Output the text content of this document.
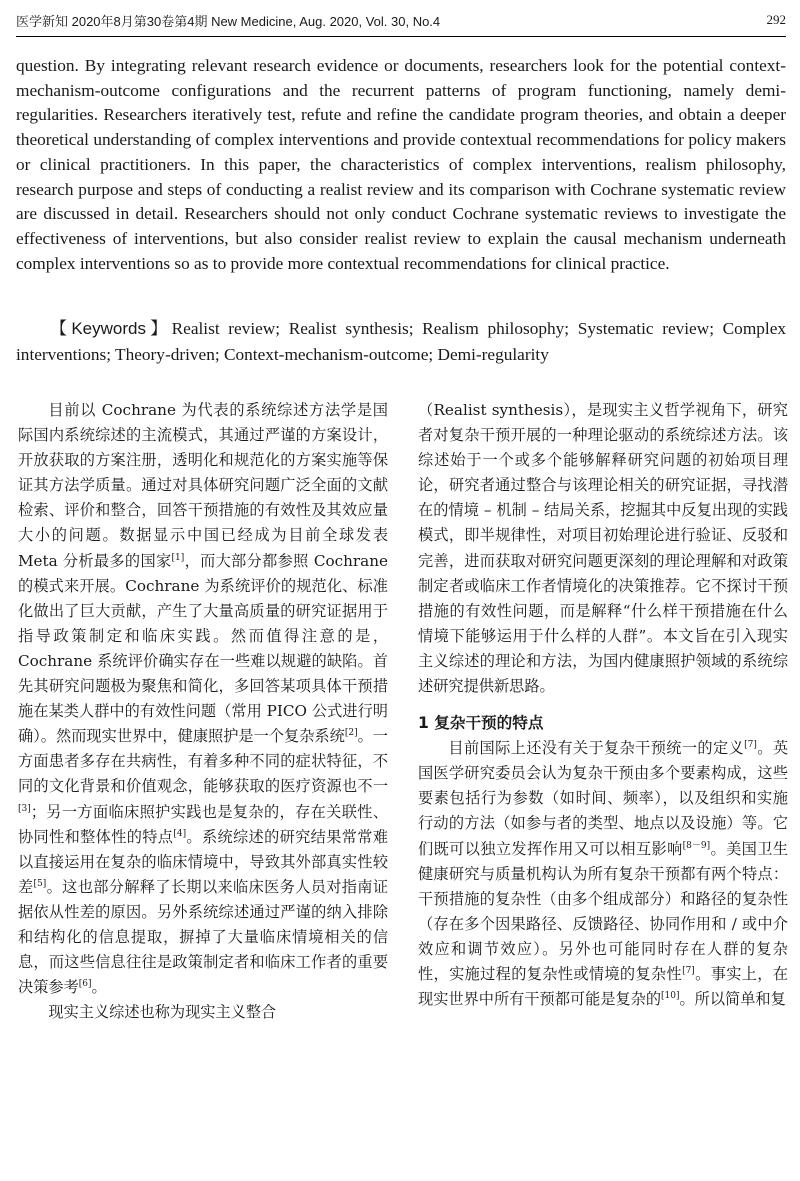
医学新知 2020年8月第30卷第4期 New Medicine, Aug. 2020, Vol. 30, No.4	292

question. By integrating relevant research evidence or documents, researchers look for the potential context-mechanism-outcome configurations and the recurrent patterns of program functioning, namely demi-regularities. Researchers iteratively test, refute and refine the candidate program theories, and obtain a deeper theoretical understanding of complex interventions and provide contextual recommendations for policy makers or clinical practitioners. In this paper, the characteristics of complex interventions, realism philosophy, research purpose and steps of conducting a realist review and its comparison with Cochrane systematic review are discussed in detail. Researchers should not only conduct Cochrane systematic reviews to investigate the effectiveness of interventions, but also consider realist review to explain the causal mechanism underneath complex interventions so as to provide more contextual recommendations for clinical practice.

【Keywords】Realist review; Realist synthesis; Realism philosophy; Systematic review; Complex interventions; Theory-driven; Context-mechanism-outcome; Demi-regularity

目前以 Cochrane 为代表的系统综述方法学是国际国内系统综述的主流模式，其通过严谨的方案设计，开放获取的方案注册，透明化和规范化的方案实施等保证其方法学质量。通过对具体研究问题广泛全面的文献检索、评价和整合，回答干预措施的有效性及其效应量大小的问题。数据显示中国已经成为目前全球发表 Meta 分析最多的国家[1]，而大部分都参照 Cochrane 的模式来开展。Cochrane 为系统评价的规范化、标准化做出了巨大贡献，产生了大量高质量的研究证据用于指导政策制定和临床实践。然而值得注意的是，Cochrane 系统评价确实存在一些难以规避的缺陷。首先其研究问题极为聚焦和简化，多回答某项具体干预措施在某类人群中的有效性问题（常用 PICO 公式进行明确）。然而现实世界中，健康照护是一个复杂系统[2]。一方面患者多存在共病性，有着多种不同的症状特征，不同的文化背景和价值观念，能够获取的医疗资源也不一[3]；另一方面临床照护实践也是复杂的，存在关联性、协同性和整体性的特点[4]。系统综述的研究结果常常难以直接运用在复杂的临床情境中，导致其外部真实性较差[5]。这也部分解释了长期以来临床医务人员对指南证据依从性差的原因。另外系统综述通过严谨的纳入排除和结构化的信息提取，摒掉了大量临床情境相关的信息，而这些信息往往是政策制定者和临床工作者的重要决策参考[6]。

现实主义综述也称为现实主义整合

（Realist synthesis），是现实主义哲学视角下，研究者对复杂干预开展的一种理论驱动的系统综述方法。该综述始于一个或多个能够解释研究问题的初始项目理论，研究者通过整合与该理论相关的研究证据，寻找潜在的情境 – 机制 – 结局关系，挖掘其中反复出现的实践模式，即半规律性，对项目初始理论进行验证、反驳和完善，进而获取对研究问题更深刻的理论理解和对政策制定者或临床工作者情境化的决策推荐。它不探讨干预措施的有效性问题，而是解释“什么样干预措施在什么情境下能够运用于什么样的人群”。本文旨在引入现实主义综述的理论和方法，为国内健康照护领域的系统综述研究提供新思路。

1 复杂干预的特点

目前国际上还没有关于复杂干预统一的定义[7]。英国医学研究委员会认为复杂干预由多个要素构成，这些要素包括行为参数（如时间、频率），以及组织和实施行动的方法（如参与者的类型、地点以及设施）等。它们既可以独立发挥作用又可以相互影响[8－9]。美国卫生健康研究与质量机构认为所有复杂干预都有两个特点：干预措施的复杂性（由多个组成部分）和路径的复杂性（存在多个因果路径、反馈路径、协同作用和 / 或中介效应和调节效应）。另外也可能同时存在人群的复杂性，实施过程的复杂性或情境的复杂性[7]。事实上，在现实世界中所有干预都可能是复杂的[10]。所以简单和复
